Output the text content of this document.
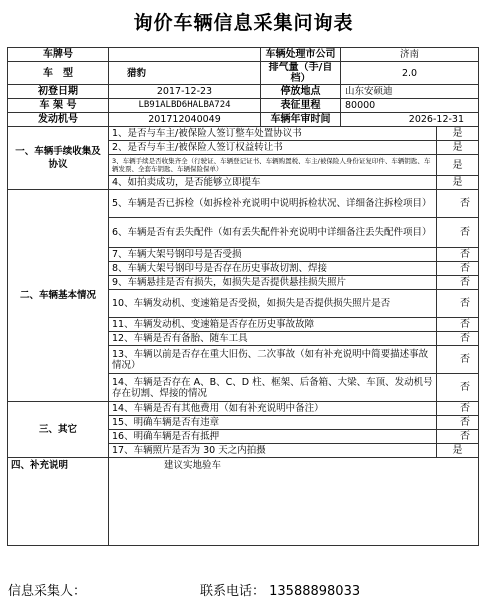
询价车辆信息采集问询表
车牌号		车辆处理市公司	济南	
车　型	猎豹	排气量（手/自档）	2.0	
初登日期	2017-12-23	停放地点	山东安硕迪	
车 架 号	LB91ALBD6HALBA724	表征里程	80000	
发动机号	201712040049	车辆年审时间	2026-12-31	
一、车辆手续收集及协议	1、是否与车主/被保险人签订整车处置协议书			是
	2、是否与车主/被保险人签订权益转让书			是
	3、车辆手续是否收集齐全（行驶证、车辆登记证书、车辆购置税、车主/被保险人身份证复印件、车辆钥匙、车辆发票、全套车钥匙、车辆保险保单）			是
	4、如拍卖成功，是否能够立即提车			是
二、车辆基本情况	5、车辆是否已拆检（如拆检补充说明中说明拆检状况、详细备注拆检项目）			否
	6、车辆是否有丢失配件（如有丢失配件补充说明中详细备注丢失配件项目）			否
	7、车辆大架号钢印号是否受损			否
	8、车辆大架号钢印号是否存在历史事故切割、焊接			否
	9、车辆悬挂是否有损失，如损失是否提供悬挂损失照片			否
	10、车辆发动机、变速箱是否受损，如损失是否提供损失照片是否			否
	11、车辆发动机、变速箱是否存在历史事故故障			否
	12、车辆是否有备胎、随车工具			否
	13、车辆以前是否存在重大旧伤、二次事故（如有补充说明中简要描述事故情况）			否
	14、车辆是否存在 A、B、C、D 柱、框架、后备箱、大梁、车顶、发动机号存在切割、焊接的情况			否
三、其它	14、车辆是否有其他费用（如有补充说明中备注）			否
	15、明确车辆是否有违章			否
	16、明确车辆是否有抵押			否
	17、车辆照片是否为 30 天之内拍摄			是
四、补充说明	建议实地验车			
信息采集人：	联系电话： 13588898033
